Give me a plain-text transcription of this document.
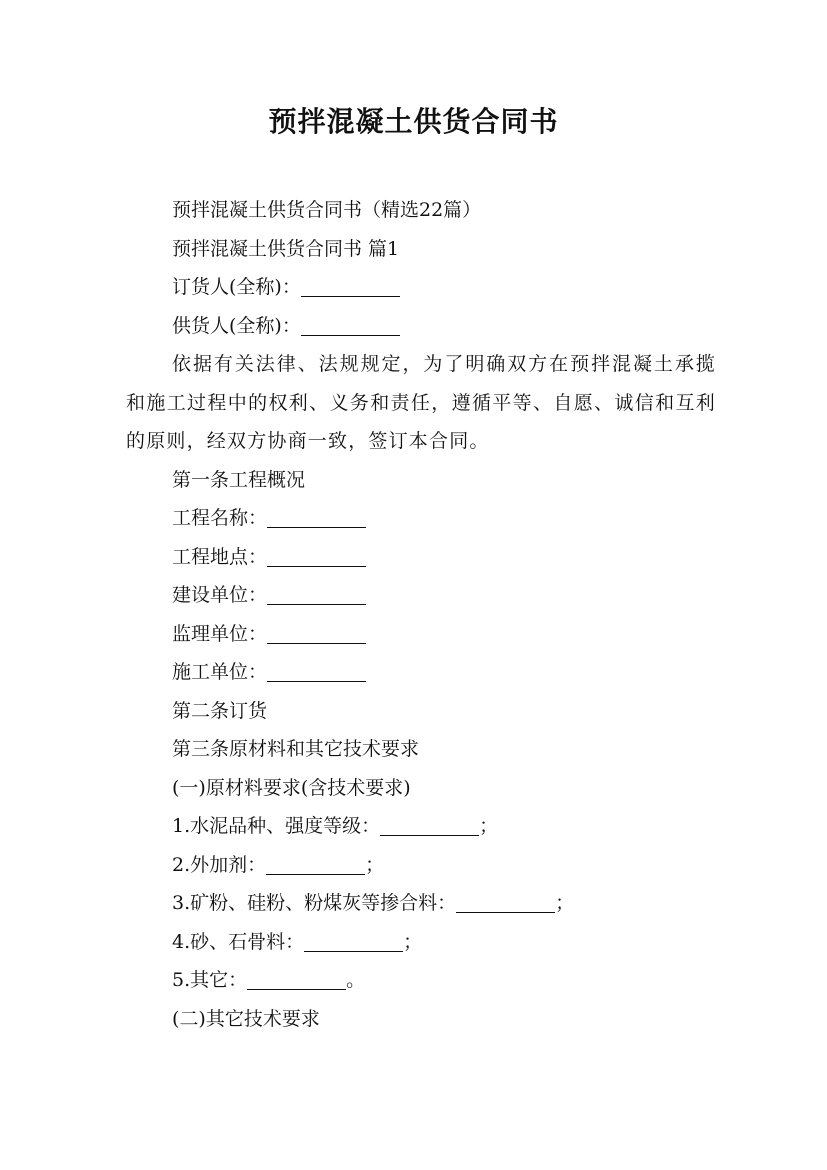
预拌混凝土供货合同书

预拌混凝土供货合同书（精选22篇）

预拌混凝土供货合同书 篇1

订货人(全称)：

供货人(全称)：

依据有关法律、法规规定，为了明确双方在预拌混凝土承揽和施工过程中的权利、义务和责任，遵循平等、自愿、诚信和互利的原则，经双方协商一致，签订本合同。

第一条工程概况

工程名称：

工程地点：

建设单位：

监理单位：

施工单位：

第二条订货

第三条原材料和其它技术要求

(一)原材料要求(含技术要求)

1.水泥品种、强度等级：	；

2.外加剂：	；

3.矿粉、硅粉、粉煤灰等掺合料：	；

4.砂、石骨料：	；

5.其它：	。

(二)其它技术要求
